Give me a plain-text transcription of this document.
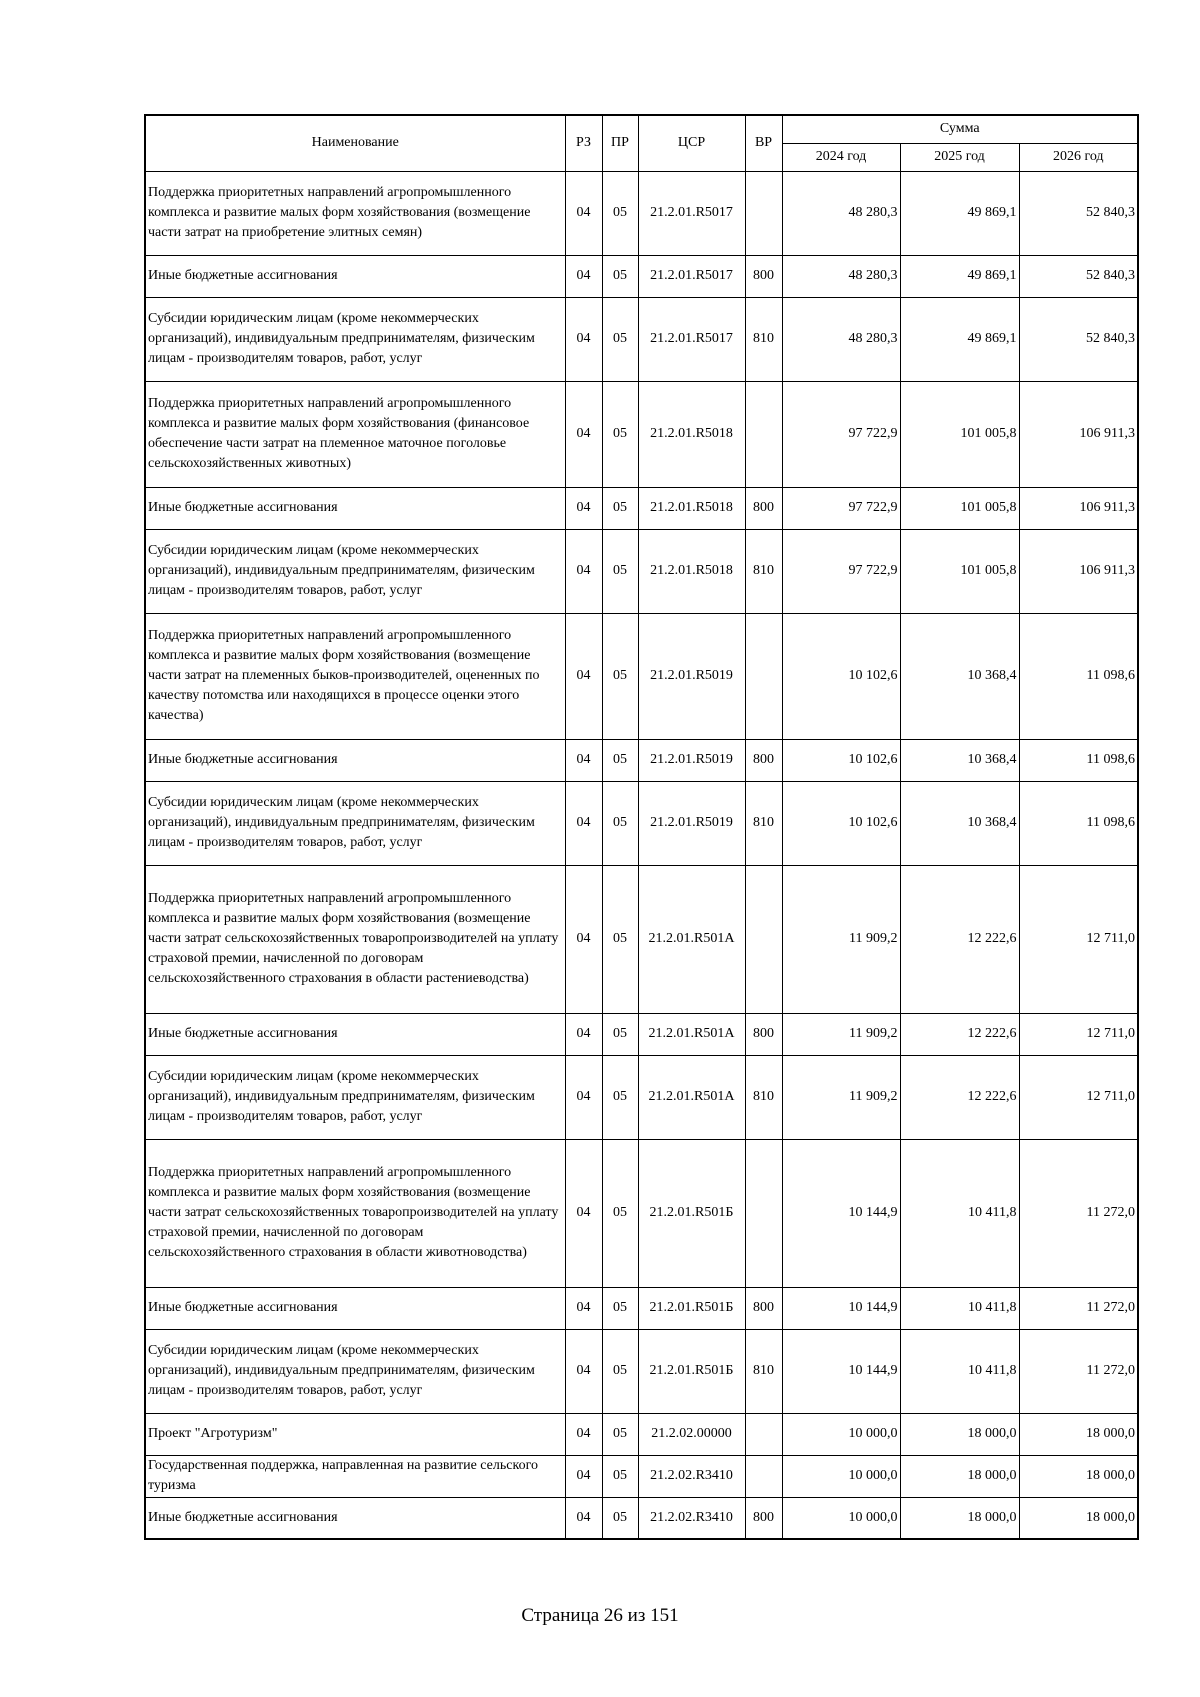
Наименование	РЗ	ПР	ЦСР	ВР	Сумма		
					2024 год	2025 год	2026 год
Поддержка приоритетных направлений агропромышленного комплекса и развитие малых форм хозяйствования (возмещение части затрат на приобретение элитных семян)	04	05	21.2.01.R5017		48 280,3	49 869,1	52 840,3
Иные бюджетные ассигнования	04	05	21.2.01.R5017	800	48 280,3	49 869,1	52 840,3
Субсидии юридическим лицам (кроме некоммерческих организаций), индивидуальным предпринимателям, физическим лицам - производителям товаров, работ, услуг	04	05	21.2.01.R5017	810	48 280,3	49 869,1	52 840,3
Поддержка приоритетных направлений агропромышленного комплекса и развитие малых форм хозяйствования (финансовое обеспечение части затрат на племенное маточное поголовье сельскохозяйственных животных)	04	05	21.2.01.R5018		97 722,9	101 005,8	106 911,3
Иные бюджетные ассигнования	04	05	21.2.01.R5018	800	97 722,9	101 005,8	106 911,3
Субсидии юридическим лицам (кроме некоммерческих организаций), индивидуальным предпринимателям, физическим лицам - производителям товаров, работ, услуг	04	05	21.2.01.R5018	810	97 722,9	101 005,8	106 911,3
Поддержка приоритетных направлений агропромышленного комплекса и развитие малых форм хозяйствования (возмещение части затрат на племенных быков-производителей, оцененных по качеству потомства или находящихся в процессе оценки этого качества)	04	05	21.2.01.R5019		10 102,6	10 368,4	11 098,6
Иные бюджетные ассигнования	04	05	21.2.01.R5019	800	10 102,6	10 368,4	11 098,6
Субсидии юридическим лицам (кроме некоммерческих организаций), индивидуальным предпринимателям, физическим лицам - производителям товаров, работ, услуг	04	05	21.2.01.R5019	810	10 102,6	10 368,4	11 098,6
Поддержка приоритетных направлений агропромышленного комплекса и развитие малых форм хозяйствования (возмещение части затрат сельскохозяйственных товаропроизводителей на уплату страховой премии, начисленной по договорам сельскохозяйственного страхования в области растениеводства)	04	05	21.2.01.R501А		11 909,2	12 222,6	12 711,0
Иные бюджетные ассигнования	04	05	21.2.01.R501А	800	11 909,2	12 222,6	12 711,0
Субсидии юридическим лицам (кроме некоммерческих организаций), индивидуальным предпринимателям, физическим лицам - производителям товаров, работ, услуг	04	05	21.2.01.R501А	810	11 909,2	12 222,6	12 711,0
Поддержка приоритетных направлений агропромышленного комплекса и развитие малых форм хозяйствования (возмещение части затрат сельскохозяйственных товаропроизводителей на уплату страховой премии, начисленной по договорам сельскохозяйственного страхования в области животноводства)	04	05	21.2.01.R501Б		10 144,9	10 411,8	11 272,0
Иные бюджетные ассигнования	04	05	21.2.01.R501Б	800	10 144,9	10 411,8	11 272,0
Субсидии юридическим лицам (кроме некоммерческих организаций), индивидуальным предпринимателям, физическим лицам - производителям товаров, работ, услуг	04	05	21.2.01.R501Б	810	10 144,9	10 411,8	11 272,0
Проект "Агротуризм"	04	05	21.2.02.00000		10 000,0	18 000,0	18 000,0
Государственная поддержка, направленная на развитие сельского туризма	04	05	21.2.02.R3410		10 000,0	18 000,0	18 000,0
Иные бюджетные ассигнования	04	05	21.2.02.R3410	800	10 000,0	18 000,0	18 000,0
Страница 26 из 151
